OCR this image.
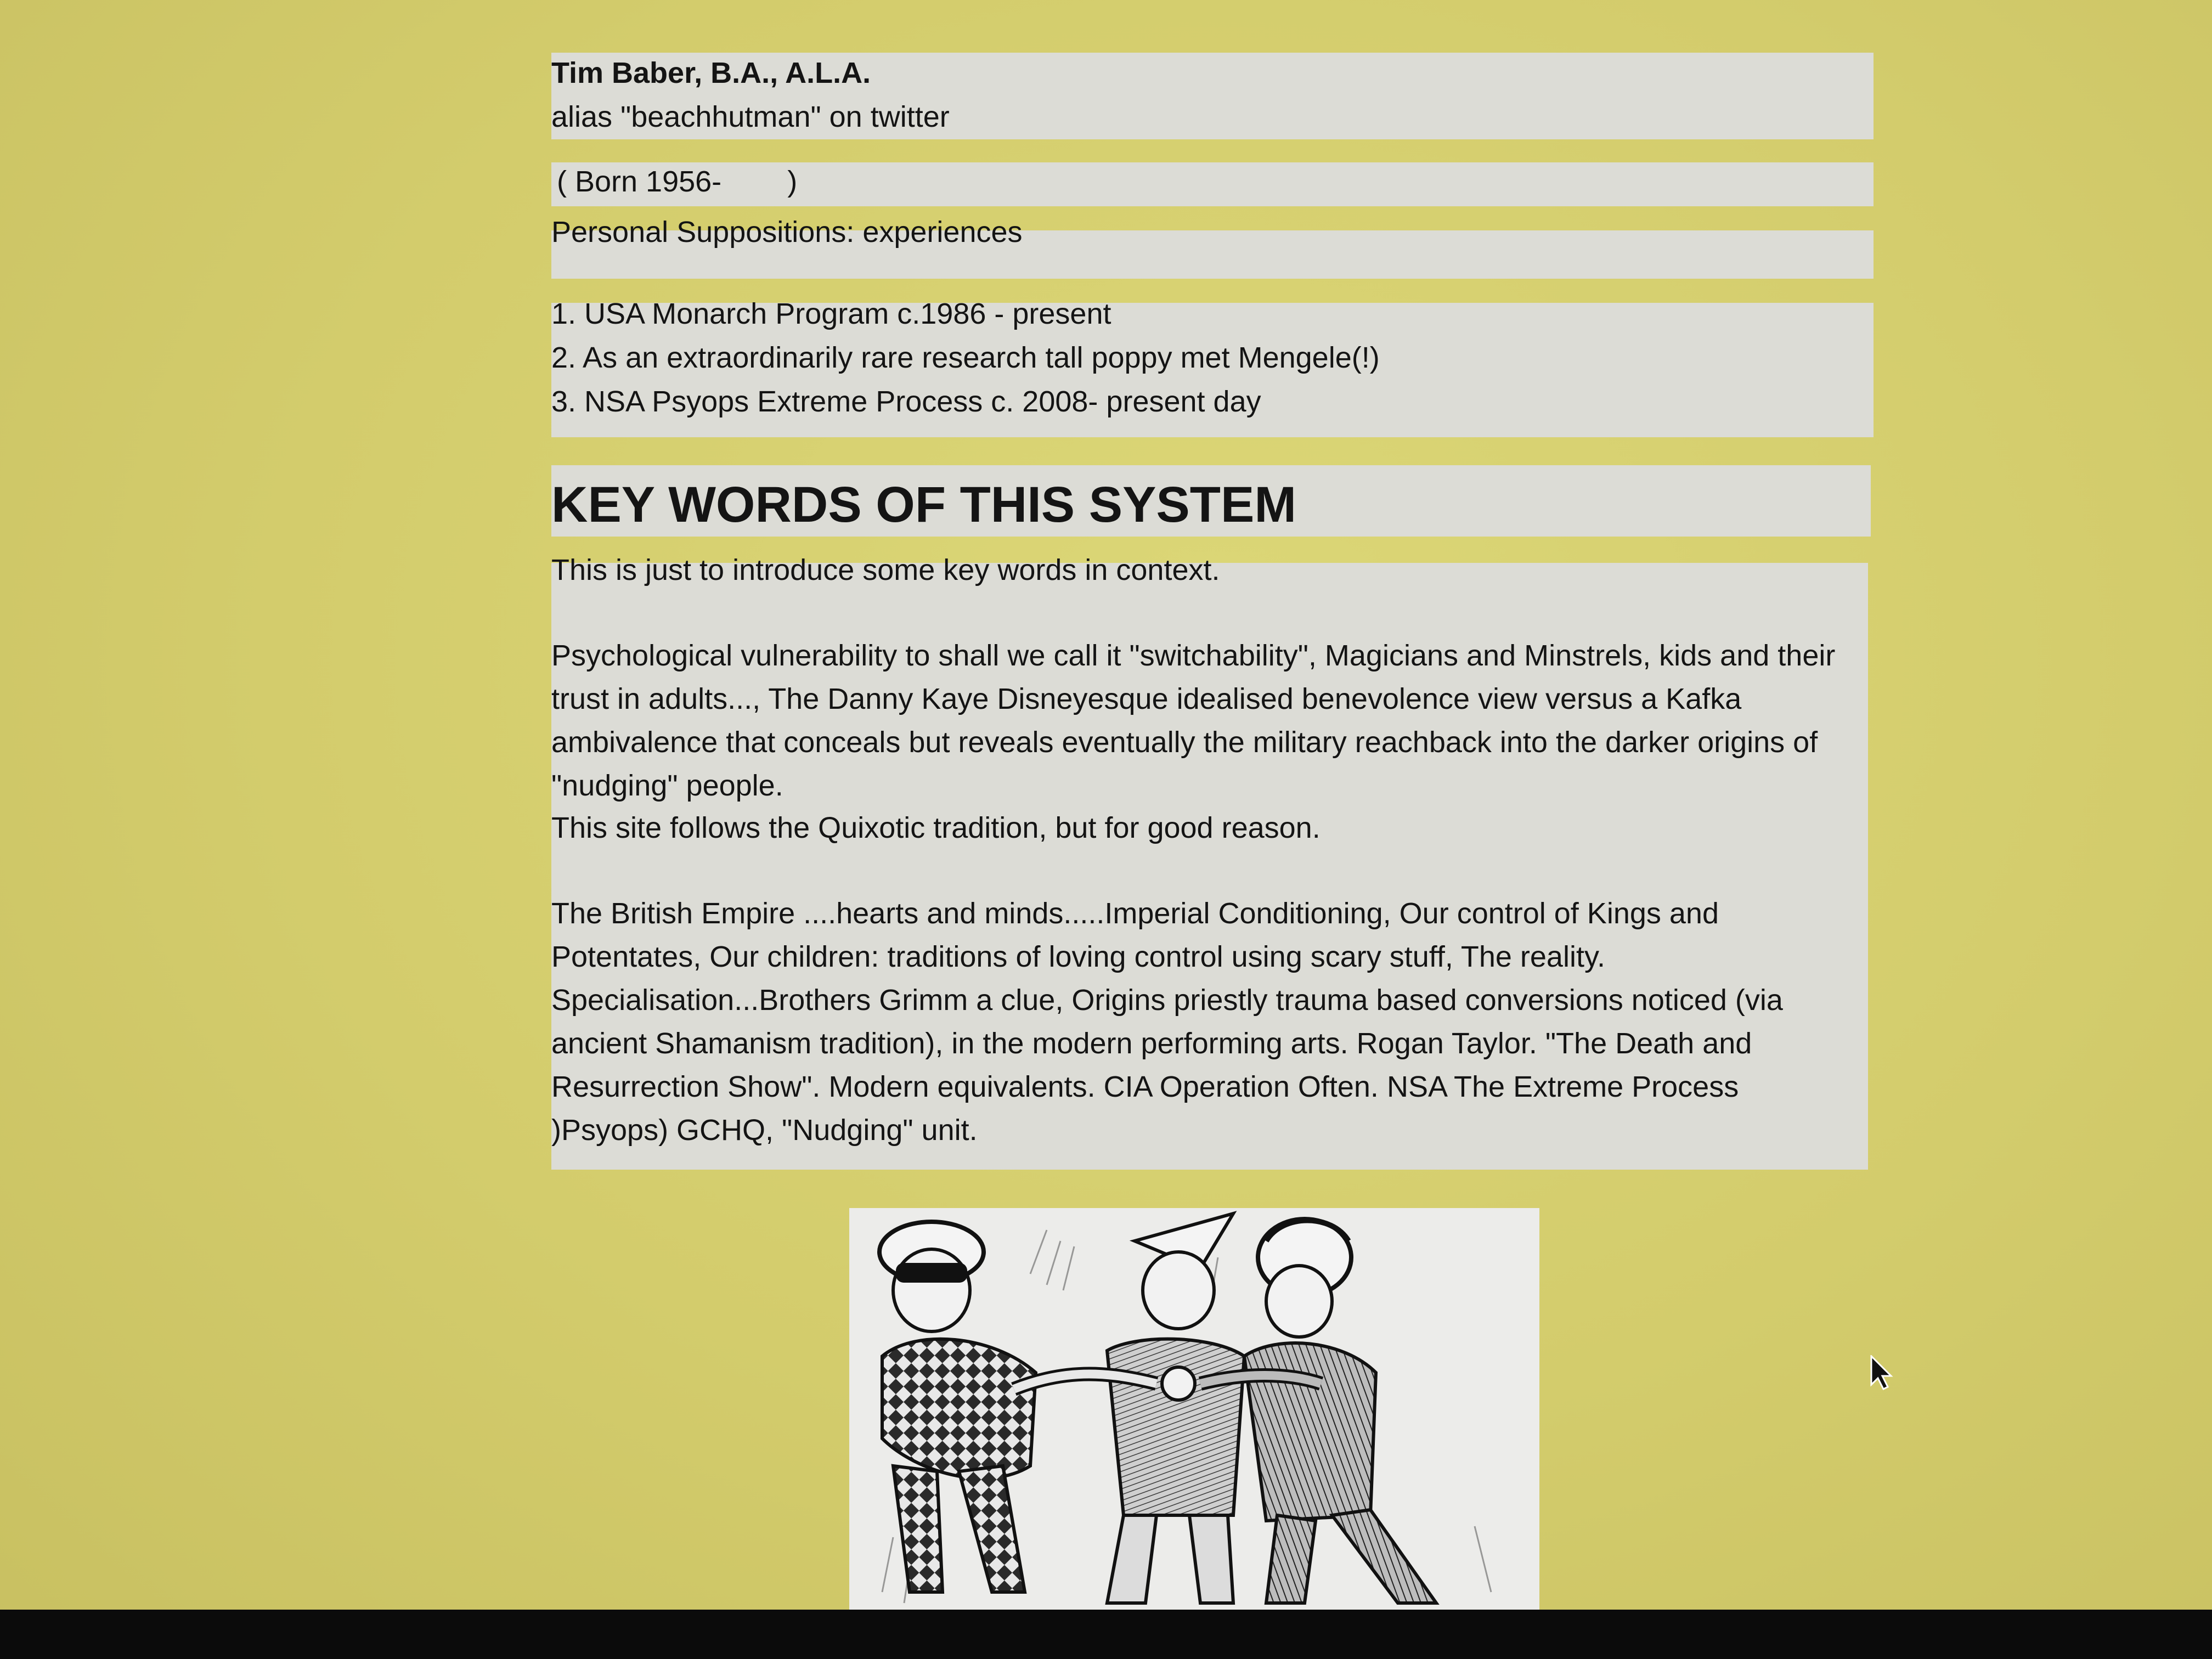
Tim Baber, B.A., A.L.A.

alias "beachhutman" on twitter

( Born 1956-        )

Personal Suppositions: experiences

1. USA Monarch Program c.1986 - present
2. As an extraordinarily rare research tall poppy met Mengele(!)
3. NSA Psyops Extreme Process c. 2008- present day
KEY WORDS OF THIS SYSTEM

This is just to introduce some key words in context.

Psychological vulnerability to shall we call it "switchability", Magicians and Minstrels, kids and their trust in adults..., The Danny Kaye Disneyesque idealised benevolence view versus a Kafka ambivalence that conceals but reveals eventually the military reachback into the darker origins of "nudging" people.

This site follows the Quixotic tradition, but for good reason.

The British Empire ....hearts and minds.....Imperial Conditioning, Our control of Kings and Potentates, Our children: traditions of loving control using scary stuff, The reality. Specialisation...Brothers Grimm a clue, Origins priestly trauma based conversions noticed (via ancient Shamanism tradition), in the modern performing arts. Rogan Taylor. "The Death and Resurrection Show". Modern equivalents. CIA Operation Often. NSA The Extreme Process )Psyops) GCHQ, "Nudging" unit.
